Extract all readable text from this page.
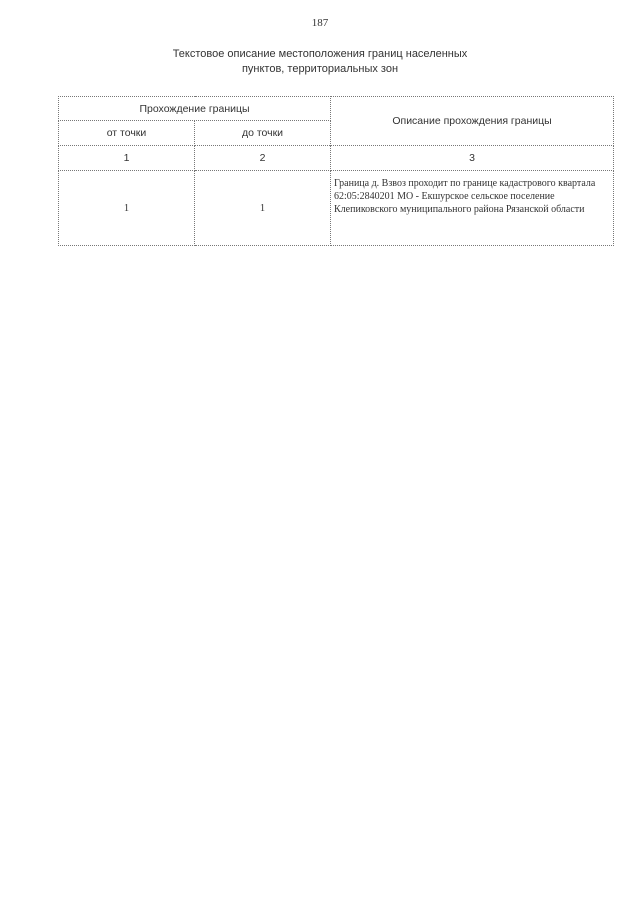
187
Текстовое описание местоположения границ населенных
пунктов, территориальных зон
Прохождение границы		Описание прохождения границы
от точки	до точки	
1	2	3
1	1	Граница д. Взвоз проходит по границе кадастрового квартала 62:05:2840201 МО - Екшурское сельское поселение Клепиковского муниципального района Рязанской области
